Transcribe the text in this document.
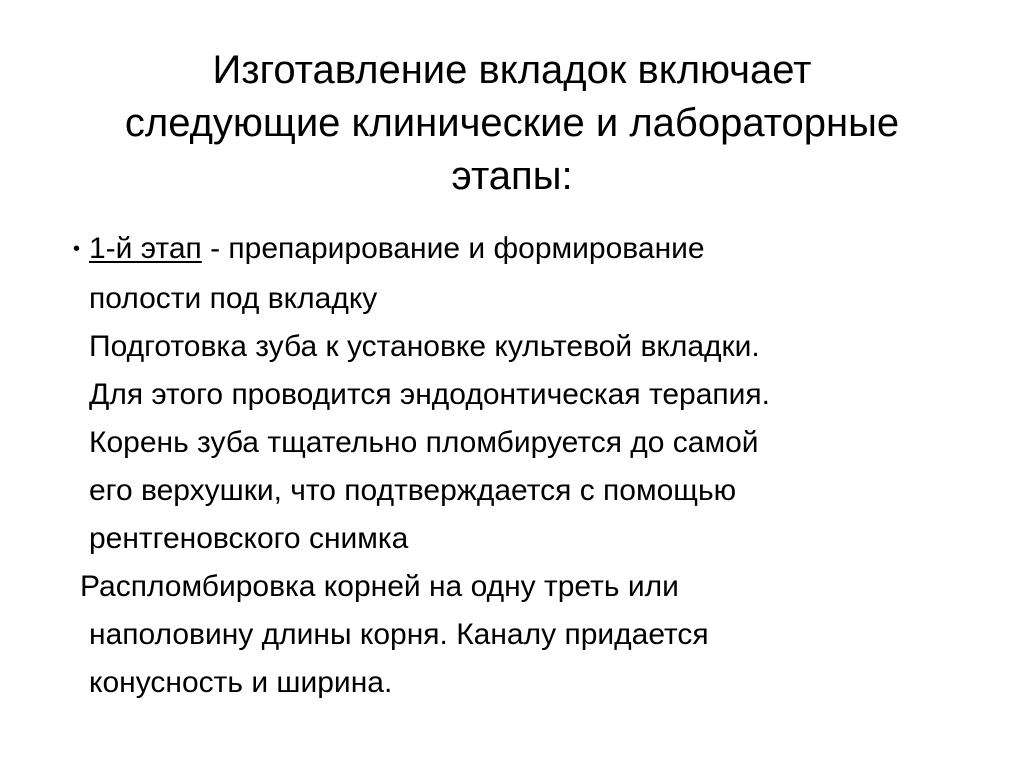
Изготавление вкладок включает
следующие клинические и лабораторные
этапы:
• 1-й этап - препарирование и формирование
полости под вкладку
Подготовка зуба к установке культевой вкладки.
Для этого проводится эндодонтическая терапия.
Корень зуба тщательно пломбируется до самой
его верхушки, что подтверждается с помощью
рентгеновского снимка
Распломбировка корней на одну треть или
наполовину длины корня. Каналу придается
конусность и ширина.
